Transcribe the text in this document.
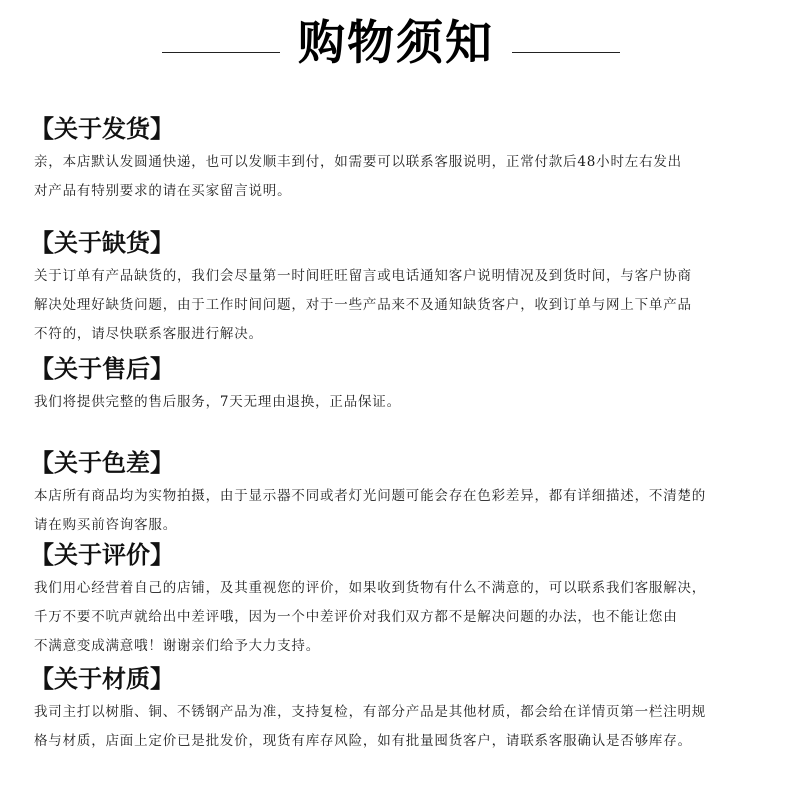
购物须知
【关于发货】
亲，本店默认发圆通快递，也可以发顺丰到付，如需要可以联系客服说明，正常付款后48小时左右发出
对产品有特别要求的请在买家留言说明。
【关于缺货】
关于订单有产品缺货的，我们会尽量第一时间旺旺留言或电话通知客户说明情况及到货时间，与客户协商
解决处理好缺货问题，由于工作时间问题，对于一些产品来不及通知缺货客户，收到订单与网上下单产品
不符的，请尽快联系客服进行解决。
【关于售后】
我们将提供完整的售后服务，7天无理由退换，正品保证。
【关于色差】
本店所有商品均为实物拍摄，由于显示器不同或者灯光问题可能会存在色彩差异，都有详细描述，不清楚的
请在购买前咨询客服。
【关于评价】
我们用心经营着自己的店铺，及其重视您的评价，如果收到货物有什么不满意的，可以联系我们客服解决，
千万不要不吭声就给出中差评哦，因为一个中差评价对我们双方都不是解决问题的办法，也不能让您由
不满意变成满意哦！谢谢亲们给予大力支持。
【关于材质】
我司主打以树脂、铜、不锈钢产品为准，支持复检，有部分产品是其他材质，都会给在详情页第一栏注明规
格与材质，店面上定价已是批发价，现货有库存风险，如有批量囤货客户，请联系客服确认是否够库存。
